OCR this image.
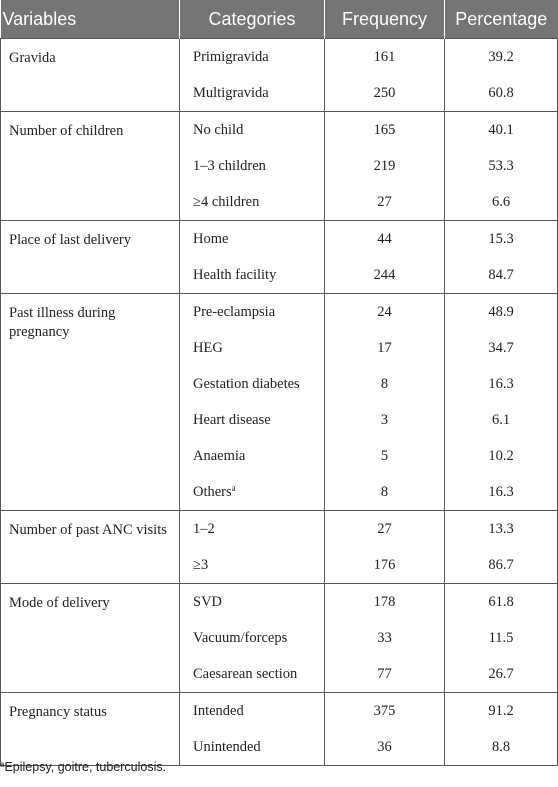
Variables	Categories	Frequency	Percentage
Gravida	Primigravida	161	39.2
	Multigravida	250	60.8
Number of children	No child	165	40.1
	1–3 children	219	53.3
	≥4 children	27	6.6
Place of last delivery	Home	44	15.3
	Health facility	244	84.7
Past illness during pregnancy	Pre-eclampsia	24	48.9
	HEG	17	34.7
	Gestation diabetes	8	16.3
	Heart disease	3	6.1
	Anaemia	5	10.2
	Others$^a$	8	16.3
Number of past ANC visits	1–2	27	13.3
	≥3	176	86.7
Mode of delivery	SVD	178	61.8
	Vacuum/forceps	33	11.5
	Caesarean section	77	26.7
Pregnancy status	Intended	375	91.2
	Unintended	36	8.8
$^a$Epilepsy, goitre, tuberculosis.
